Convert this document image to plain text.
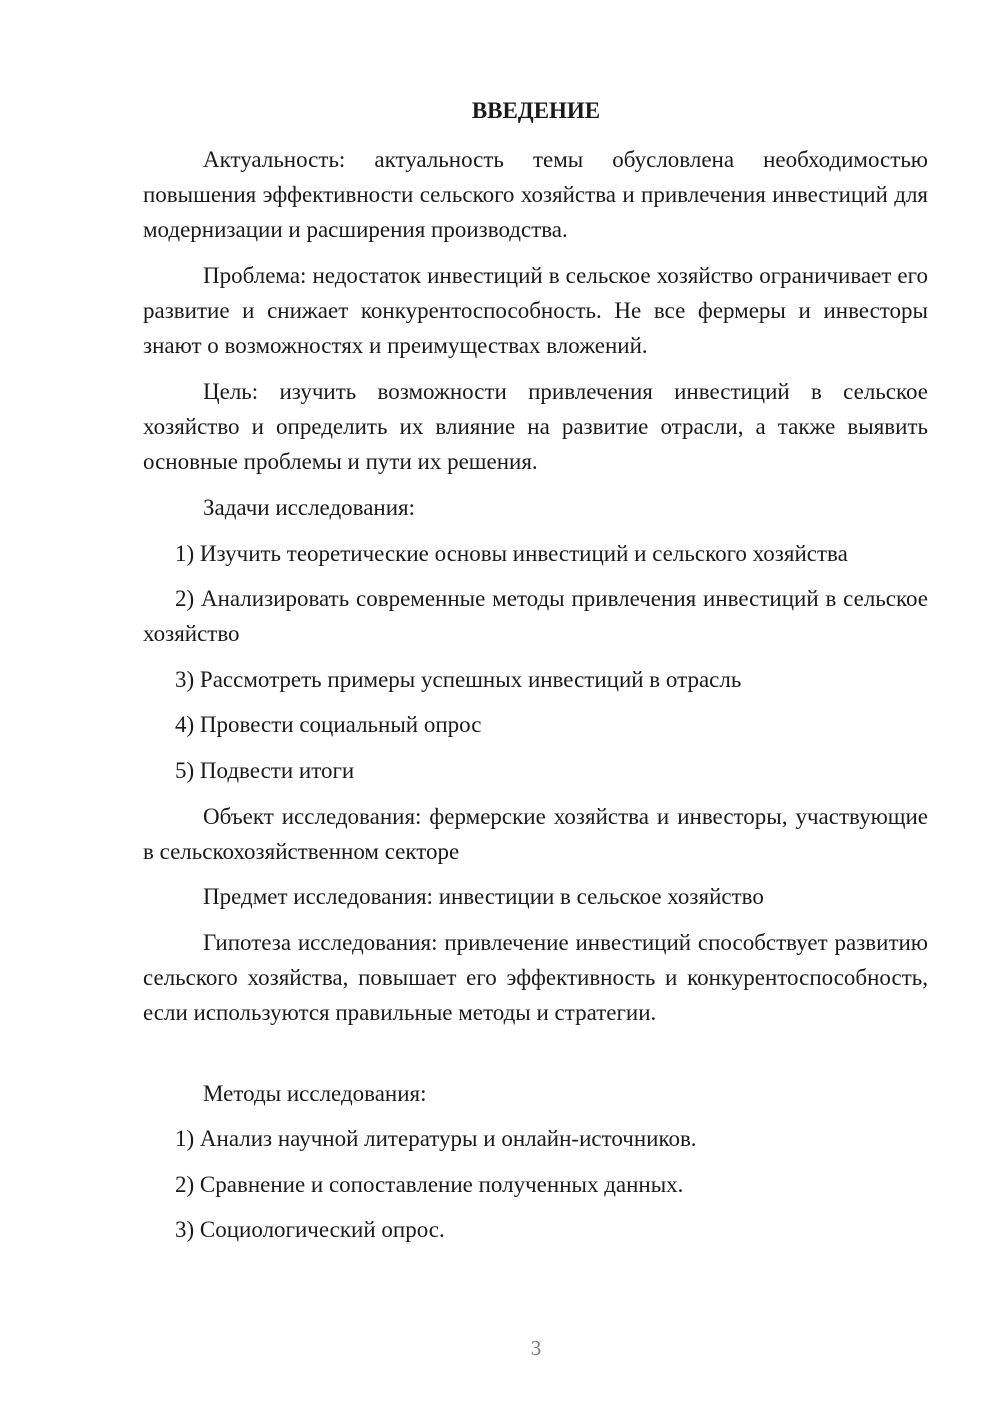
ВВЕДЕНИЕ
Актуальность: актуальность темы обусловлена необходимостью повышения эффективности сельского хозяйства и привлечения инвестиций для модернизации и расширения производства.
Проблема: недостаток инвестиций в сельское хозяйство ограничивает его развитие и снижает конкурентоспособность. Не все фермеры и инвесторы знают о возможностях и преимуществах вложений.
Цель: изучить возможности привлечения инвестиций в сельское хозяйство и определить их влияние на развитие отрасли, а также выявить основные проблемы и пути их решения.
Задачи исследования:
1) Изучить теоретические основы инвестиций и сельского хозяйства
2) Анализировать современные методы привлечения инвестиций в сельское хозяйство
3) Рассмотреть примеры успешных инвестиций в отрасль
4) Провести социальный опрос
5) Подвести итоги
Объект исследования: фермерские хозяйства и инвесторы, участвующие в сельскохозяйственном секторе
Предмет исследования: инвестиции в сельское хозяйство
Гипотеза исследования: привлечение инвестиций способствует развитию сельского хозяйства, повышает его эффективность и конкурентоспособность, если используются правильные методы и стратегии.
Методы исследования:
1) Анализ научной литературы и онлайн-источников.
2) Сравнение и сопоставление полученных данных.
3) Социологический опрос.
3
